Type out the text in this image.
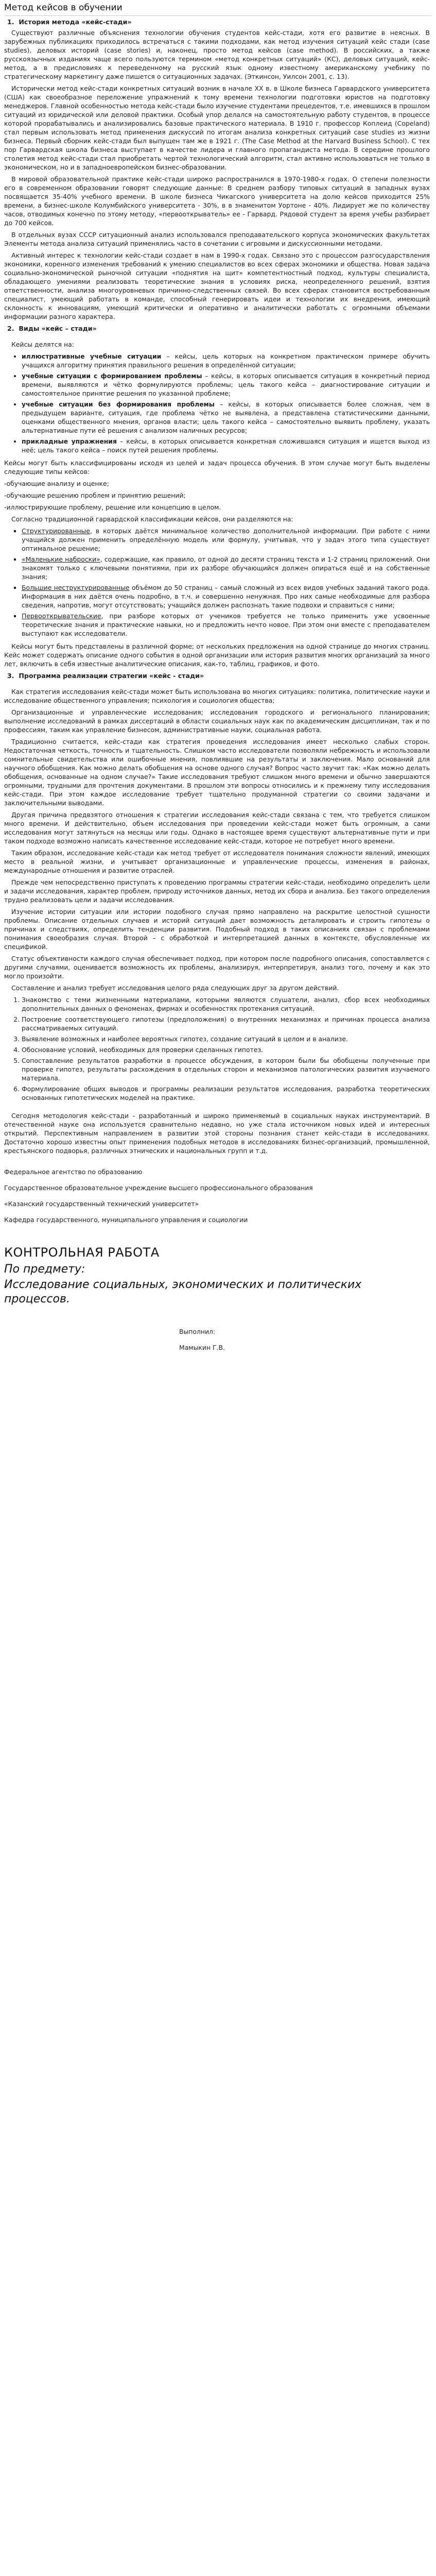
Метод кейсов в обучении
1. История метода «кейс-стади»

Существуют различные объяснения технологии обучения студентов кейс-стади, хотя его развитие в неясных. В зарубежных публикациях приходилось встречаться с такими подходами, как метод изучения ситуаций кейс стади (case studies), деловых историй (case stories) и, наконец, просто метод кейсов (case method). В российских, а также русскоязычных изданиях чаще всего пользуются термином «метод конкретных ситуаций» (КС), деловых ситуаций, кейс-метод, а в предисловиях к переведенному на русский язык одному известному американскому учебнику по стратегическому маркетингу даже пишется о ситуационных задачах. (Эткинсон, Уилсон 2001, с. 13).

Исторически метод кейс-стади конкретных ситуаций возник в начале XX в. в Школе бизнеса Гарвардского университета (США) как своеобразное переложение упражнений к тому времени технологии подготовки юристов на подготовку менеджеров. Главной особенностью метода кейс-стади было изучение студентами прецедентов, т.е. имевшихся в прошлом ситуаций из юридической или деловой практики. Особый упор делался на самостоятельную работу студентов, в процессе которой прорабатывались и анализировались базовые практического материала. В 1910 г. профессор Коплеид (Copeland) стал первым использовать метод применения дискуссий по итогам анализа конкретных ситуаций case studies из жизни бизнеса. Первый сборник кейс-стади был выпущен там же в 1921 г. (The Case Method at the Harvard Business School). С тех пор Гарвардская школа бизнеса выступает в качестве лидера и главного пропагандиста метода. В середине прошлого столетия метод кейс-стади стал приобретать чертой технологический алгоритм, стал активно использоваться не только в экономическом, но и в западноевропейском бизнес-образовании.

В мировой образовательной практике кейс-стади широко распространился в 1970-1980-х годах. О степени полезности его в современном образовании говорят следующие данные: В среднем разбору типовых ситуаций в западных вузах посвящается 35-40% учебного времени. В школе бизнеса Чикагского университета на долю кейсов приходится 25% времени, а бизнес-школе Колумбийского университета - 30%, в в знаменитом Уортоне - 40%. Лидирует же по количеству часов, отводимых конечно по этому методу, «первооткрыватель» ее - Гарвард. Рядовой студент за время учебы разбирает до 700 кейсов.

В отдельных вузах СССР ситуационный анализ использовался преподавательского корпуса экономических факультетах Элементы метода анализа ситуаций применялись часто в сочетании с игровыми и дискуссионными методами.

Активный интерес к технологии кейс-стади создает в нам в 1990-х годах. Связано это с процессом разгосударствления экономики, коренного изменения требований к умению специалистов во всех сферах экономики и общества. Новая задача социально-экономической рыночной ситуации «поднятия на щит» компетентностный подход, культуры специалиста, обладающего умениями реализовать теоретические знания в условиях риска, неопределенного решений, взятия ответственности, анализа многоуровневых причинно-следственных связей. Во всех сферах становится востребованным специалист, умеющий работать в команде, способный генерировать идеи и технологии их внедрения, имеющий склонность к инновациям, умеющий критически и оперативно и аналитически работать с огромными объемами информации разного характера.

2. Виды «кейс – стади»

Кейсы делятся на:

• иллюстративные учебные ситуации – кейсы, цель которых на конкретном практическом примере обучить учащихся алгоритму принятия правильного решения в определённой ситуации;
• учебные ситуации с формированием проблемы – кейсы, в которых описывается ситуация в конкретный период времени, выявляются и чётко формулируются проблемы; цель такого кейса – диагностирование ситуации и самостоятельное принятие решения по указанной проблеме;
• учебные ситуации без формирования проблемы – кейсы, в которых описывается более сложная, чем в предыдущем варианте, ситуация, где проблема чётко не выявлена, а представлена статистическими данными, оценками общественного мнения, органов власти; цель такого кейса – самостоятельно выявить проблему, указать альтернативные пути её решения с анализом наличных ресурсов;
• прикладные упражнения – кейсы, в которых описывается конкретная сложившаяся ситуация и ищется выход из неё; цель такого кейса – поиск путей решения проблемы.

Кейсы могут быть классифицированы исходя из целей и задач процесса обучения. В этом случае могут быть выделены следующие типы кейсов:

-обучающие анализу и оценке;

-обучающие решению проблем и принятию решений;

-иллюстрирующие проблему, решение или концепцию в целом.

Согласно традиционной гарвардской классификации кейсов, они разделяются на:

▪ Структурированные, в которых даётся минимальное количество дополнительной информации. При работе с ними учащийся должен применить определённую модель или формулу, учитывая, что у задач этого типа существует оптимальное решение;
▪ «Маленькие наброски», содержащие, как правило, от одной до десяти страниц текста и 1-2 страниц приложений. Они знакомят только с ключевыми понятиями, при их разборе обучающийся должен опираться ещё и на собственные знания;
▪ Большие неструктурированные объёмом до 50 страниц – самый сложный из всех видов учебных заданий такого рода. Информация в них даётся очень подробно, в т.ч. и совершенно ненужная. Про них самые необходимые для разбора сведения, напротив, могут отсутствовать; учащийся должен распознать такие подвохи и справиться с ними;
▪ Первооткрывательские, при разборе которых от учеников требуется не только применить уже усвоенные теоретические знания и практические навыки, но и предложить нечто новое. При этом они вместе с преподавателем выступают как исследователи.

Кейсы могут быть представлены в различной форме; от нескольких предложения на одной странице до многих страниц. Кейс может содержать описание одного события в одной организации или история развития многих организаций за много лет, включить в себя известные аналитические описания, как-то, таблиц, графиков, и фото.

3. Программа реализации стратегии «кейс - стади»

Как стратегия исследования кейс-стади может быть использована во многих ситуациях: политика, политические науки и исследование общественного управления; психология и социология общества;

Организационные и управленческие исследования; исследования городского и регионального планирования; выполнение исследований в рамках диссертаций в области социальных наук как по академическим дисциплинам, так и по профессиям, таким как управление бизнесом, административные науки, социальная работа.

Традиционно считается, кейс-стади как стратегия проведения исследования имеет несколько слабых сторон. Недостаточная четкость, точность и тщательность. Слишком часто исследователи позволяли небрежность и использовали сомнительные свидетельства или ошибочные мнения, повлиявшие на результаты и заключения. Мало оснований для научного обобщения. Как можно делать обобщения на основе одного случая? Вопрос часто звучит так: «Как можно делать обобщения, основанные на одном случае?» Такие исследования требуют слишком много времени и обычно завершаются огромными, трудными для прочтения документами. В прошлом эти вопросы относились и к прежнему типу исследования кейс-стади. При этом каждое исследование требует тщательно продуманной стратегии со своими задачами и заключительными выводами.

Другая причина предвзятого отношения к стратегии исследования кейс-стади связана с тем, что требуется слишком много времени. И действительно, объем исследования при проведении кейс-стади может быть огромным, а сами исследования могут затянуться на месяцы или годы. Однако в настоящее время существуют альтернативные пути и при таком подходе возможно написать качественное исследование кейс-стади, которое не потребует много времени.

Таким образом, исследование кейс-стади как метод требует от исследователя понимания сложности явлений, имеющих место в реальной жизни, и учитывает организационные и управленческие процессы, изменения в районах, международные отношения и развитие отраслей.

Прежде чем непосредственно приступать к проведению программы стратегии кейс-стади, необходимо определить цели и задачи исследования, характер проблем, природу источников данных, метод их сбора и анализа. Без такого определения трудно реализовать цели и задачи исследования.

Изучение истории ситуации или истории подобного случая прямо направлено на раскрытие целостной сущности проблемы. Описание отдельных случаев и историй ситуаций дает возможность деталировать и строить гипотезы о причинах и следствиях, определить тенденции развития. Подобный подход в таких описаниях связан с проблемами понимания своеобразия случая. Второй – с обработкой и интерпретацией данных в контексте, обусловленные их спецификой.

Статус объективности каждого случая обеспечивает подход, при котором после подробного описания, сопоставляется с другими случаями, оценивается возможность их проблемы, анализируя, интерпретируя, анализ того, почему и как это могло произойти.

Составление и анализ требует исследования целого ряда следующих друг за другом действий.

1. Знакомство с теми жизненными материалами, которыми являются слушатели, анализ, сбор всех необходимых дополнительных данных о феноменах, фирмах и особенностях протекания ситуаций.
2. Построение соответствующего гипотезы (предположения) о внутренних механизмах и причинах процесса анализа рассматриваемых ситуаций.
3. Выявление возможных и наиболее вероятных гипотез, создание ситуаций в целом и в анализе.
4. Обоснование условий, необходимых для проверки сделанных гипотез.
5. Сопоставление результатов разработки в процессе обсуждения, в котором были бы обобщены полученные при проверке гипотез, результаты расхождения в отдельных сторон и механизмов патологических развития изучаемого материала.
6. Формулирование общих выводов и программы реализации результатов исследования, разработка теоретических основанных гипотетических моделей на практике.

Сегодня методология кейс-стади - разработанный и широко применяемый в социальных науках инструментарий. В отечественной науке она используется сравнительно недавно, но уже стала источником новых идей и интересных открытий. Перспективным направлением в развитии этой стороны познания станет кейс-стади в исследованиях. Достаточно хорошо известны опыт применения подобных методов в исследованиях бизнес-организаций, промышленной, крестьянского подворья, различных этнических и национальных групп и т.д.

Федеральное агентство по образованию

Государственное образовательное учреждение высшего профессионального образования

«Казанский государственный технический университет»

Кафедра государственного, муниципального управления и социологии

КОНТРОЛЬНАЯ РАБОТА
По предмету:
Исследование социальных, экономических и политических процессов.
Выполнил:
Мамыкин Г.В.
